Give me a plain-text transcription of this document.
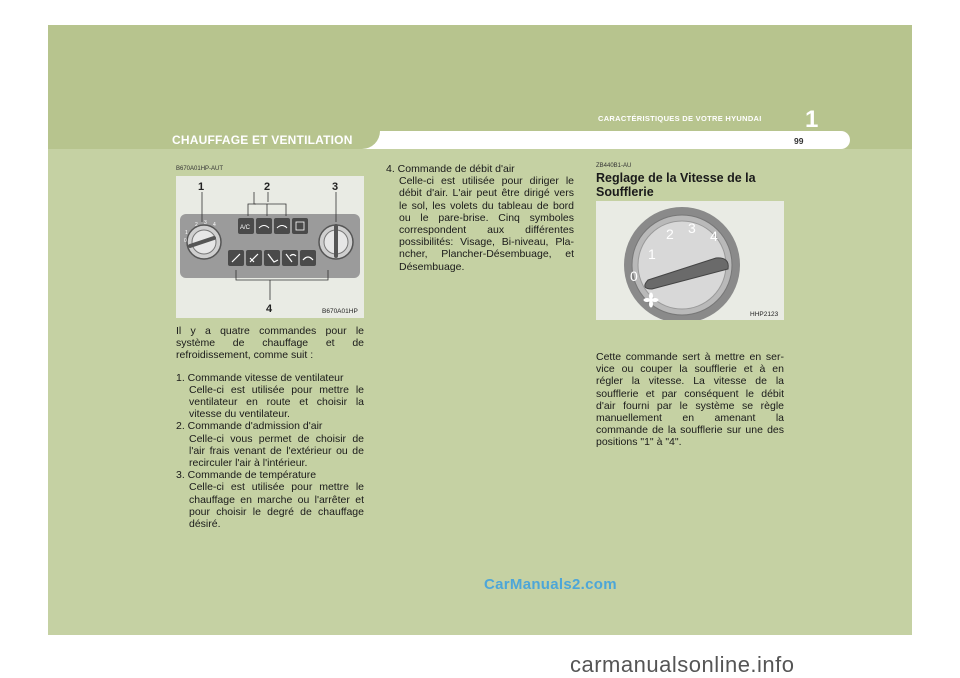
CHAUFFAGE ET VENTILATION
CARACTÉRISTIQUES DE VOTRE HYUNDAI 1
99
B670A01HP-AUT
0
1
2 3 4	A/C
1	2	3
4	B670A01HP

Il y a quatre commandes pour le système de chauffage et de refroidissement, comme suit :

1. Commande vitesse de ventilateur
Celle-ci est utilisée pour mettre le ventilateur en route et choisir la vitesse du ventilateur.
2. Commande d'admission d'air
Celle-ci vous permet de choisir de l'air frais venant de l'extérieur ou de recirculer l'air à l'intérieur.
3. Commande de température
Celle-ci est utilisée pour mettre le chauffage en marche ou l'arrêter et pour choisir le degré de chauffage désiré.
4. Commande de débit d'air
Celle-ci est utilisée pour diriger le débit d'air. L'air peut être dirigé vers le sol, les volets du tableau de bord ou le pare-brise. Cinq symboles correspondent aux différentes possibilités: Visage, Bi-niveau, Pla-ncher, Plancher-Désembuage, et Désembuage.
ZB440B1-AU
Reglage de la Vitesse de la Soufflerie
0
1
2 3 4
HHP2123

Cette commande sert à mettre en ser-vice ou couper la soufflerie et à en régler la vitesse. La vitesse de la soufflerie et par conséquent le débit d'air fourni par le système se règle manuellement en amenant la commande de la soufflerie sur une des positions "1" à "4".

CarManuals2.com
carmanualsonline.info
